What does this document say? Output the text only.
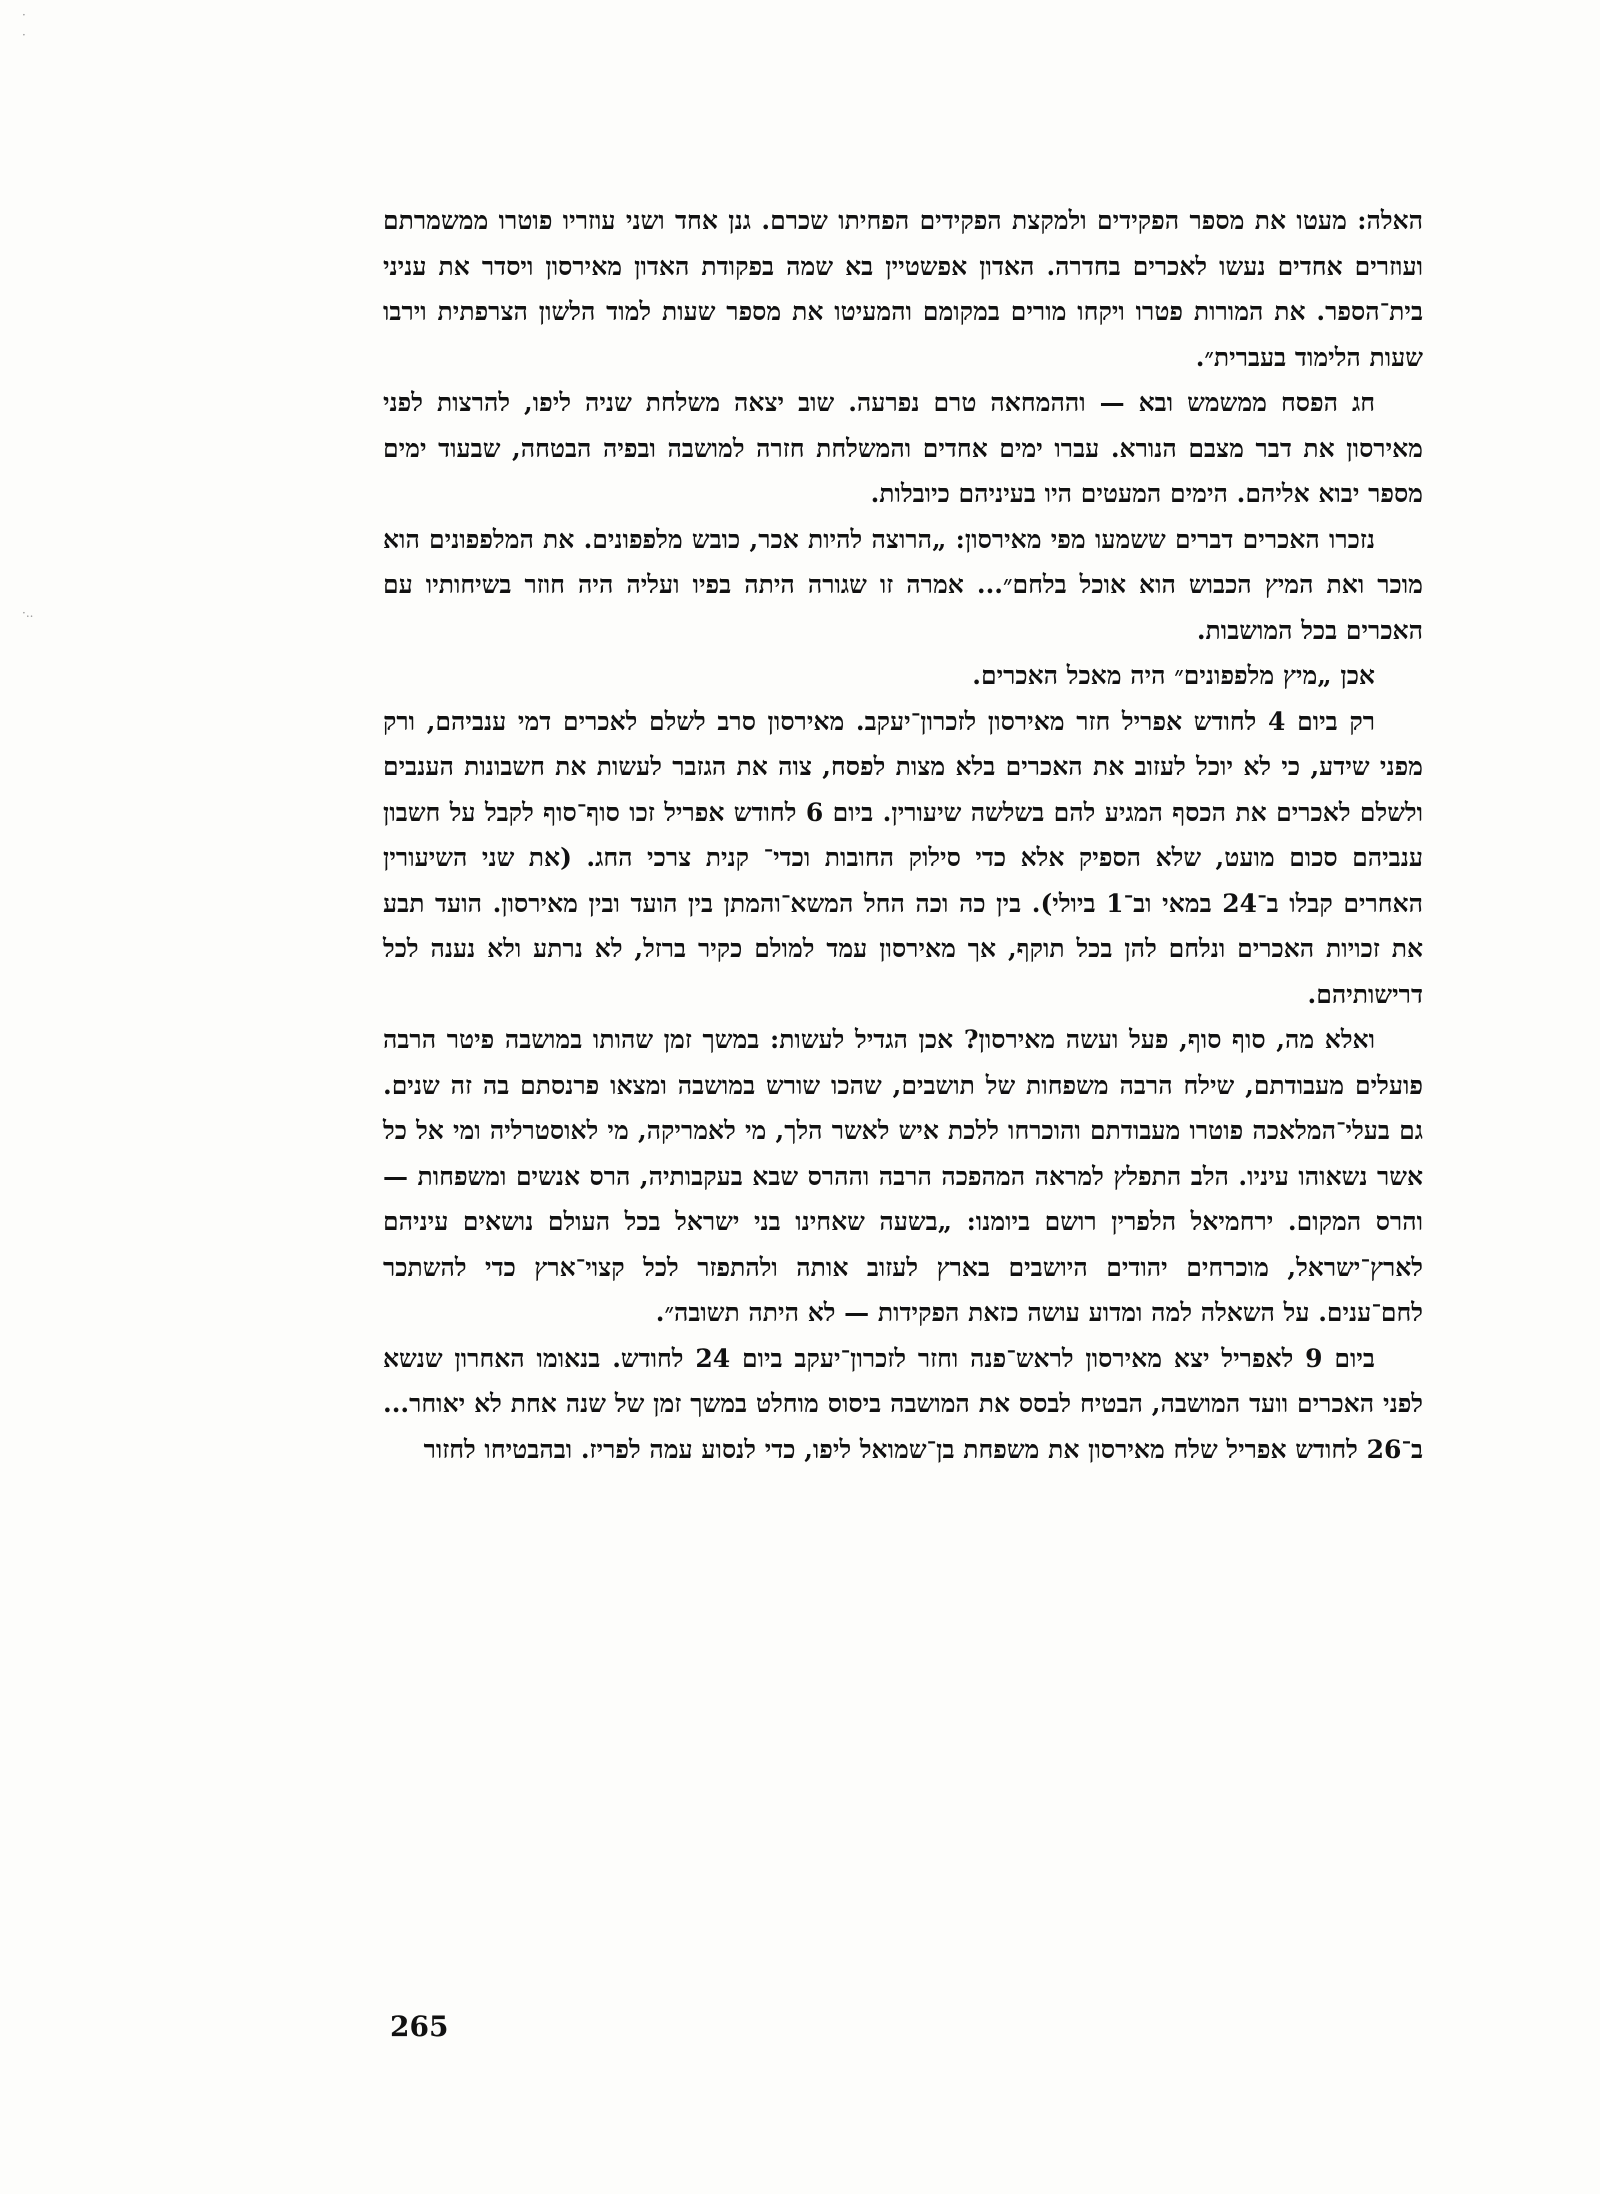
·
·
·..

האלה: מעטו את מספר הפקידים ולמקצת הפקידים הפחיתו שכרם. גנן אחד ושני עוזריו פוטרו ממשמרתם ועוזרים אחדים נעשו לאכרים בחדרה. האדון אפשטיין בא שמה בפקודת האדון מאירסון ויסדר את עניני בית־הספר. את המורות פטרו ויקחו מורים במקומם והמעיטו את מספר שעות למוד הלשון הצרפתית וירבו שעות הלימוד בעברית״.

חג הפסח ממשמש ובא — וההמחאה טרם נפרעה. שוב יצאה משלחת שניה ליפו, להרצות לפני מאירסון את דבר מצבם הנורא. עברו ימים אחדים והמשלחת חזרה למושבה ובפיה הבטחה, שבעוד ימים מספר יבוא אליהם. הימים המעטים היו בעיניהם כיובלות.

נזכרו האכרים דברים ששמעו מפי מאירסון: „הרוצה להיות אכר, כובש מלפפונים. את המלפפונים הוא מוכר ואת המיץ הכבוש הוא אוכל בלחם״... אמרה זו שגורה היתה בפיו ועליה היה חוזר בשיחותיו עם האכרים בכל המושבות.

אכן „מיץ מלפפונים״ היה מאכל האכרים.

רק ביום 4 לחודש אפריל חזר מאירסון לזכרון־יעקב. מאירסון סרב לשלם לאכרים דמי ענביהם, ורק מפני שידע, כי לא יוכל לעזוב את האכרים בלא מצות לפסח, צוה את הגזבר לעשות את חשבונות הענבים ולשלם לאכרים את הכסף המגיע להם בשלשה שיעורין. ביום 6 לחודש אפריל זכו סוף־סוף לקבל על חשבון ענביהם סכום מועט, שלא הספיק אלא כדי סילוק החובות וכדי־ קנית צרכי החג. (את שני השיעורין האחרים קבלו ב־24 במאי וב־1 ביולי). בין כה וכה החל המשא־והמתן בין הועד ובין מאירסון. הועד תבע את זכויות האכרים ונלחם להן בכל תוקף, אך מאירסון עמד למולם כקיר ברזל, לא נרתע ולא נענה לכל דרישותיהם.

ואלא מה, סוף סוף, פעל ועשה מאירסון? אכן הגדיל לעשות: במשך זמן שהותו במושבה פיטר הרבה פועלים מעבודתם, שילח הרבה משפחות של תושבים, שהכו שורש במושבה ומצאו פרנסתם בה זה שנים. גם בעלי־המלאכה פוטרו מעבודתם והוכרחו ללכת איש לאשר הלך, מי לאמריקה, מי לאוסטרליה ומי אל כל אשר נשאוהו עיניו. הלב התפלץ למראה המהפכה הרבה וההרס שבא בעקבותיה, הרס אנשים ומשפחות — והרס המקום. ירחמיאל הלפרין רושם ביומנו: „בשעה שאחינו בני ישראל בכל העולם נושאים עיניהם לארץ־ישראל, מוכרחים יהודים היושבים בארץ לעזוב אותה ולהתפזר לכל קצוי־ארץ כדי להשתכר לחם־ענים. על השאלה למה ומדוע עושה כזאת הפקידות — לא היתה תשובה״.

ביום 9 לאפריל יצא מאירסון לראש־פנה וחזר לזכרון־יעקב ביום 24 לחודש. בנאומו האחרון שנשא לפני האכרים וועד המושבה, הבטיח לבסס את המושבה ביסוס מוחלט במשך זמן של שנה אחת לא יאוחר... ב־26 לחודש אפריל שלח מאירסון את משפחת בן־שמואל ליפו, כדי לנסוע עמה לפריז. ובהבטיחו לחזור

265
